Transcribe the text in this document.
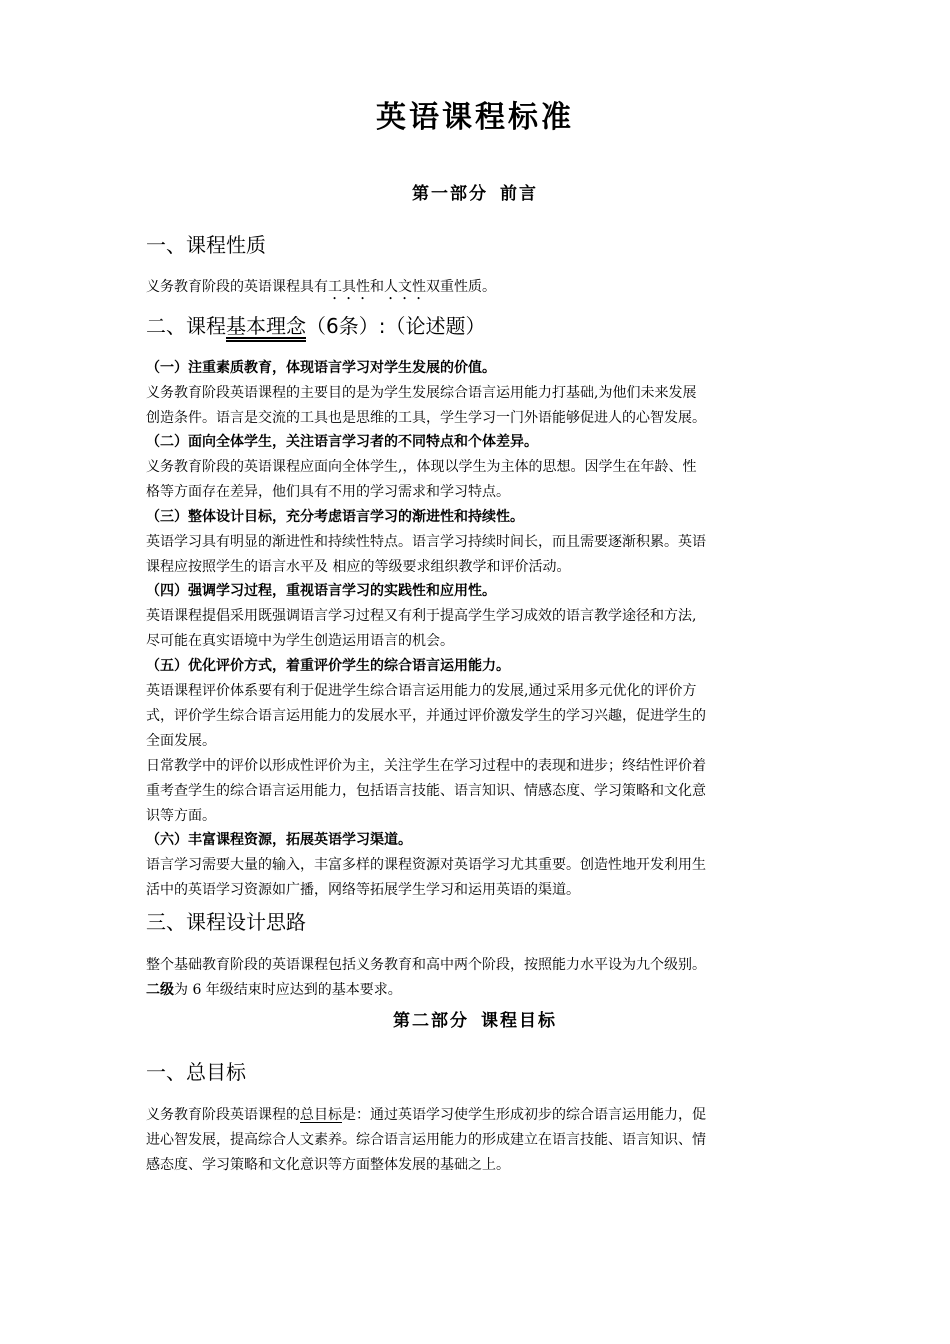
英语课程标准
第一部分 前言
一、课程性质
义务教育阶段的英语课程具有工具性和人文性双重性质。
二、课程基本理念（6条）:（论述题）
（一）注重素质教育，体现语言学习对学生发展的价值。
义务教育阶段英语课程的主要目的是为学生发展综合语言运用能力打基础,为他们未来发展
创造条件。语言是交流的工具也是思维的工具，学生学习一门外语能够促进人的心智发展。
（二）面向全体学生，关注语言学习者的不同特点和个体差异。
义务教育阶段的英语课程应面向全体学生,，体现以学生为主体的思想。因学生在年龄、性
格等方面存在差异，他们具有不用的学习需求和学习特点。
（三）整体设计目标，充分考虑语言学习的渐进性和持续性。
英语学习具有明显的渐进性和持续性特点。语言学习持续时间长，而且需要逐渐积累。英语
课程应按照学生的语言水平及 相应的等级要求组织教学和评价活动。
（四）强调学习过程，重视语言学习的实践性和应用性。
英语课程提倡采用既强调语言学习过程又有利于提高学生学习成效的语言教学途径和方法,
尽可能在真实语境中为学生创造运用语言的机会。
（五）优化评价方式，着重评价学生的综合语言运用能力。
英语课程评价体系要有利于促进学生综合语言运用能力的发展,通过采用多元优化的评价方
式，评价学生综合语言运用能力的发展水平，并通过评价激发学生的学习兴趣，促进学生的
全面发展。
日常教学中的评价以形成性评价为主，关注学生在学习过程中的表现和进步；终结性评价着
重考查学生的综合语言运用能力，包括语言技能、语言知识、情感态度、学习策略和文化意
识等方面。
（六）丰富课程资源，拓展英语学习渠道。
语言学习需要大量的输入，丰富多样的课程资源对英语学习尤其重要。创造性地开发利用生
活中的英语学习资源如广播，网络等拓展学生学习和运用英语的渠道。
三、课程设计思路
整个基础教育阶段的英语课程包括义务教育和高中两个阶段，按照能力水平设为九个级别。
二级为 6 年级结束时应达到的基本要求。
第二部分 课程目标
一、总目标
义务教育阶段英语课程的总目标是：通过英语学习使学生形成初步的综合语言运用能力，促
进心智发展，提高综合人文素养。综合语言运用能力的形成建立在语言技能、语言知识、情
感态度、学习策略和文化意识等方面整体发展的基础之上。
